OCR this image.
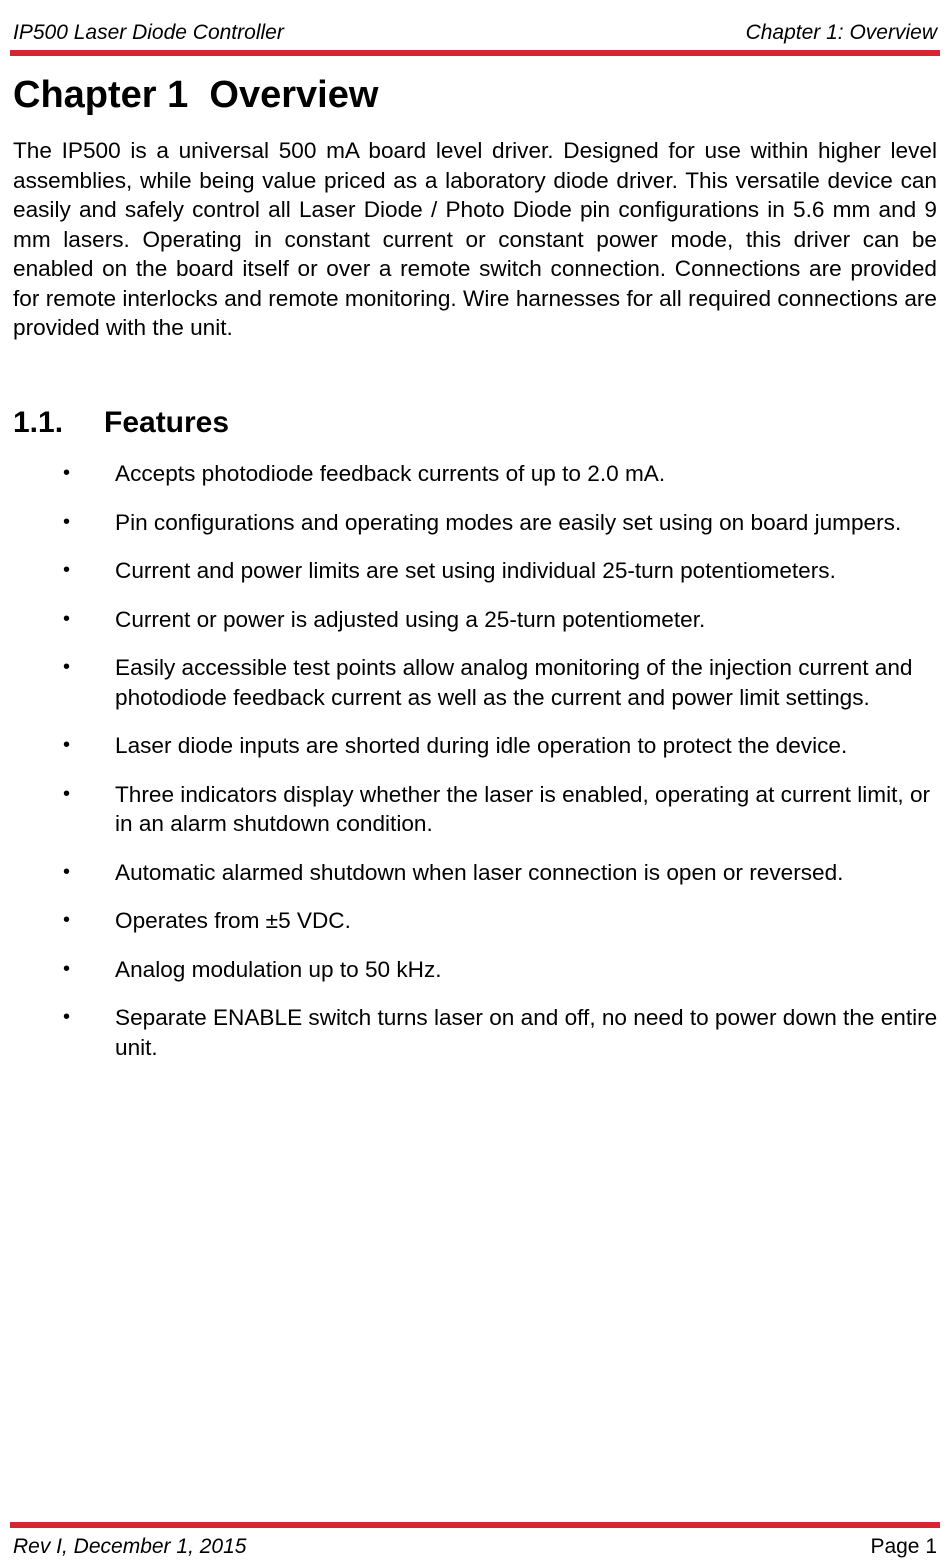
IP500 Laser Diode Controller	Chapter 1: Overview
Chapter 1  Overview

The IP500 is a universal 500 mA board level driver. Designed for use within higher level assemblies, while being value priced as a laboratory diode driver. This versatile device can easily and safely control all Laser Diode / Photo Diode pin configurations in 5.6 mm and 9 mm lasers. Operating in constant current or constant power mode, this driver can be enabled on the board itself or over a remote switch connection. Connections are provided for remote interlocks and remote monitoring. Wire harnesses for all required connections are provided with the unit.

1.1.	Features
• Accepts photodiode feedback currents of up to 2.0 mA.
• Pin configurations and operating modes are easily set using on board jumpers.
• Current and power limits are set using individual 25-turn potentiometers.
• Current or power is adjusted using a 25-turn potentiometer.
• Easily accessible test points allow analog monitoring of the injection current and photodiode feedback current as well as the current and power limit settings.
• Laser diode inputs are shorted during idle operation to protect the device.
• Three indicators display whether the laser is enabled, operating at current limit, or in an alarm shutdown condition.
• Automatic alarmed shutdown when laser connection is open or reversed.
• Operates from ±5 VDC.
• Analog modulation up to 50 kHz.
• Separate ENABLE switch turns laser on and off, no need to power down the entire unit.
Rev I, December 1, 2015	Page 1
